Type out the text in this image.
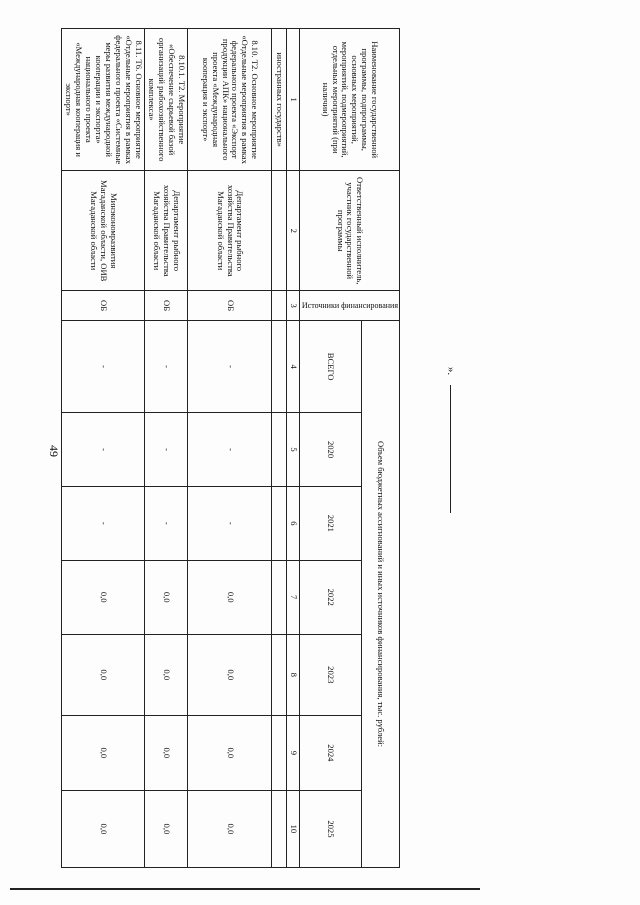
49
».
Наименование государственной программы, подпрограммы, основных мероприятий, мероприятий, подмероприятий, отдельных мероприятий (при наличии)	Ответственный исполнитель, участник государственной программы	Источники финансирования	Объем бюджетных ассигнований и иных источников финансирования, тыс. рублей:						
			ВСЕГО	2020	2021	2022	2023	2024	2025
1	2	3	4	5	6	7	8	9	10
иностранных государств»									
8.10. Т2. Основное мероприятие «Отдельные мероприятия в рамках федерального проекта «Экспорт продукции АПК» национального проекта «Международная кооперация и экспорт»	Департамент рыбного хозяйства Правительства Магаданской области	ОБ	-	-	-	0,0	0,0	0,0	0,0
8.10.1. Т2. Мероприятие «Обеспечение сырьевой базой организаций рыбохозяйственного комплекса»	Департамент рыбного хозяйства Правительства Магаданской области	ОБ	-	-	-	0,0	0,0	0,0	0,0
8.11. Т6. Основное мероприятие «Отдельные мероприятия в рамках федерального проекта «Системные меры развития международной кооперации и экспорта» национального проекта «Международная кооперация и экспорт»	Минэкономразвития Магаданской области, ОИВ Магаданской области	ОБ	-	-	-	0,0	0,0	0,0	0,0
